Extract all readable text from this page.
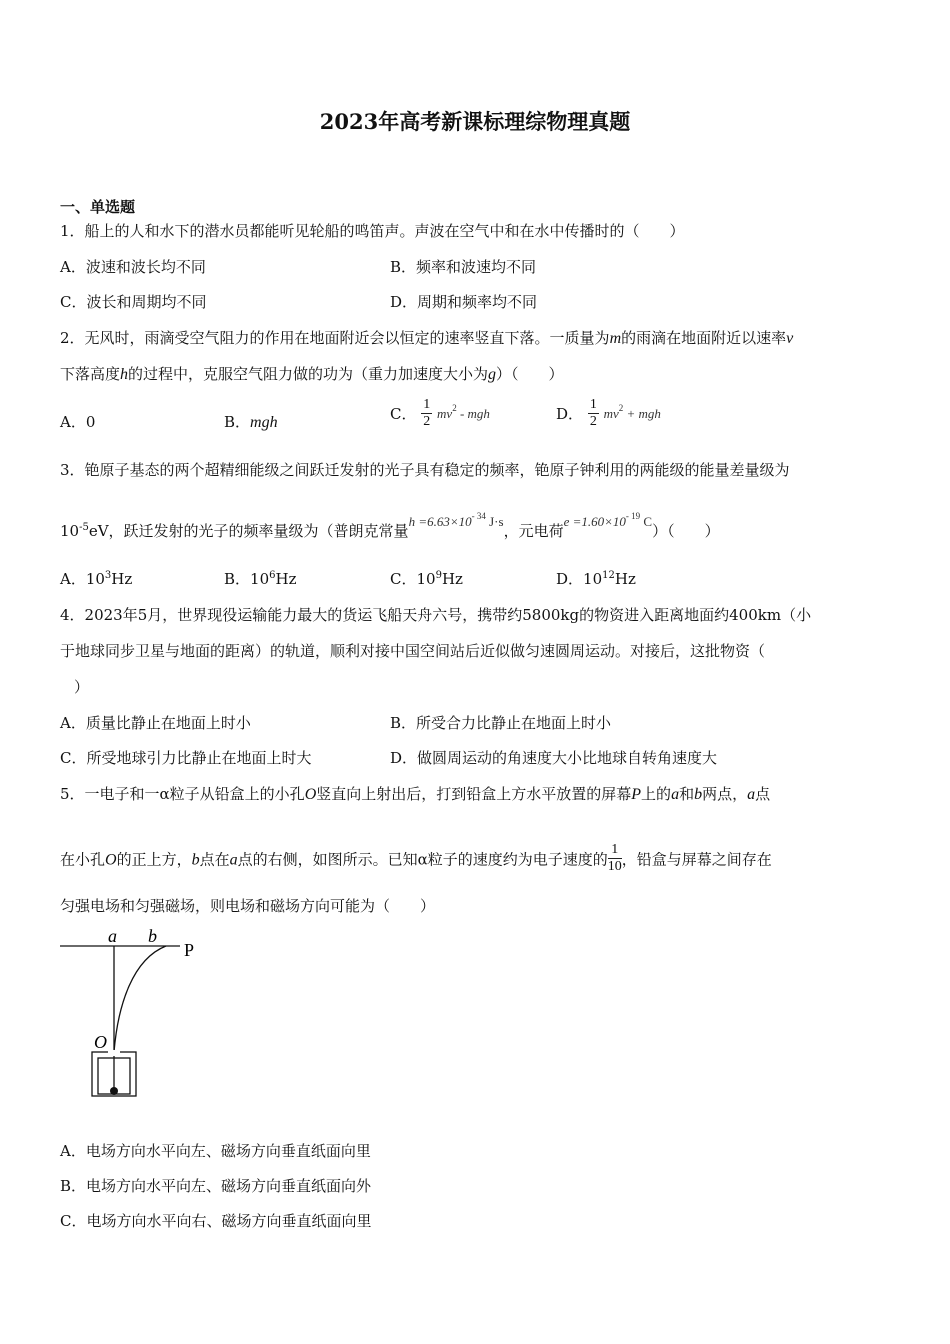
2023年高考新课标理综物理真题
一、单选题
1．船上的人和水下的潜水员都能听见轮船的鸣笛声。声波在空气中和在水中传播时的（　　）
A．波速和波长均不同	B．频率和波速均不同
C．波长和周期均不同	D．周期和频率均不同
2．无风时，雨滴受空气阻力的作用在地面附近会以恒定的速率竖直下落。一质量为m的雨滴在地面附近以速率v
下落高度h的过程中，克服空气阻力做的功为（重力加速度大小为g）（　　）
A．0	B．mgh	C． $\frac{1}{2} mv^2$ - mgh	D． $\frac{1}{2} mv^2$ + mgh
3．铯原子基态的两个超精细能级之间跃迁发射的光子具有稳定的频率，铯原子钟利用的两能级的能量差量级为
$10^{-5}eV$，跃迁发射的光子的频率量级为（普朗克常量$h =6.63\times 10^{- 34}$ J·s，元电荷$e =1.60\times 10^{- 19}$ C）（　　）
A．$10^3Hz$	B．$10^6Hz$	C．$10^9Hz$	D．$10^{12}Hz$
4．2023年5月，世界现役运输能力最大的货运飞船天舟六号，携带约5800kg的物资进入距离地面约400km（小
于地球同步卫星与地面的距离）的轨道，顺利对接中国空间站后近似做匀速圆周运动。对接后，这批物资（
）
A．质量比静止在地面上时小	B．所受合力比静止在地面上时小
C．所受地球引力比静止在地面上时大	D．做圆周运动的角速度大小比地球自转角速度大
5．一电子和一α粒子从铅盒上的小孔O竖直向上射出后，打到铅盒上方水平放置的屏幕P上的a和b两点，a点
在小孔O的正上方，b点在a点的右侧，如图所示。已知α粒子的速度约为电子速度的 $\frac{1}{10}$ ，铅盒与屏幕之间存在
匀强电场和匀强磁场，则电场和磁场方向可能为（　　）
a b
P
O
A．电场方向水平向左、磁场方向垂直纸面向里
B．电场方向水平向左、磁场方向垂直纸面向外
C．电场方向水平向右、磁场方向垂直纸面向里
